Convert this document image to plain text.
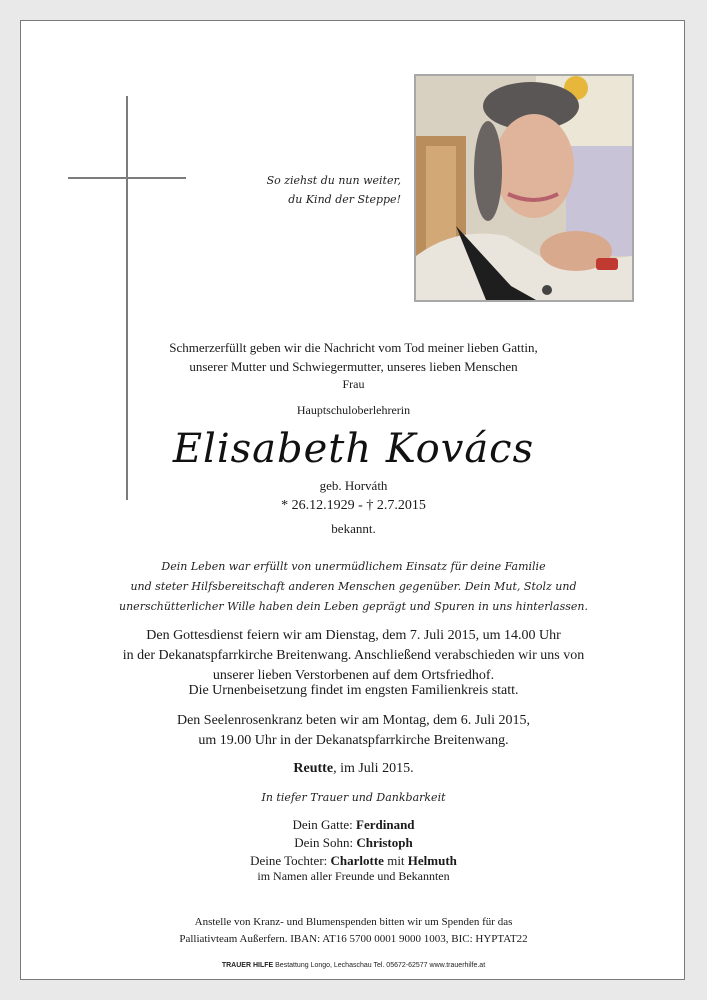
So ziehst du nun weiter,
du Kind der Steppe!
Schmerzerfüllt geben wir die Nachricht vom Tod meiner lieben Gattin,
unserer Mutter und Schwiegermutter, unseres lieben Menschen
Frau
Hauptschuloberlehrerin
Elisabeth Kovács
geb. Horváth
* 26.12.1929 - † 2.7.2015
bekannt.
Dein Leben war erfüllt von unermüdlichem Einsatz für deine Familie
und steter Hilfsbereitschaft anderen Menschen gegenüber. Dein Mut, Stolz und
unerschütterlicher Wille haben dein Leben geprägt und Spuren in uns hinterlassen.
Den Gottesdienst feiern wir am Dienstag, dem 7. Juli 2015, um 14.00 Uhr
in der Dekanatspfarrkirche Breitenwang. Anschließend verabschieden wir uns von
unserer lieben Verstorbenen auf dem Ortsfriedhof.
Die Urnenbeisetzung findet im engsten Familienkreis statt.
Den Seelenrosenkranz beten wir am Montag, dem 6. Juli 2015,
um 19.00 Uhr in der Dekanatspfarrkirche Breitenwang.
Reutte, im Juli 2015.
In tiefer Trauer und Dankbarkeit
Dein Gatte: Ferdinand
Dein Sohn: Christoph
Deine Tochter: Charlotte mit Helmuth
im Namen aller Freunde und Bekannten
Anstelle von Kranz- und Blumenspenden bitten wir um Spenden für das
Palliativteam Außerfern. IBAN: AT16 5700 0001 9000 1003, BIC: HYPTAT22
TRAUER HILFE Bestattung Longo, Lechaschau Tel. 05672-62577 www.trauerhilfe.at
